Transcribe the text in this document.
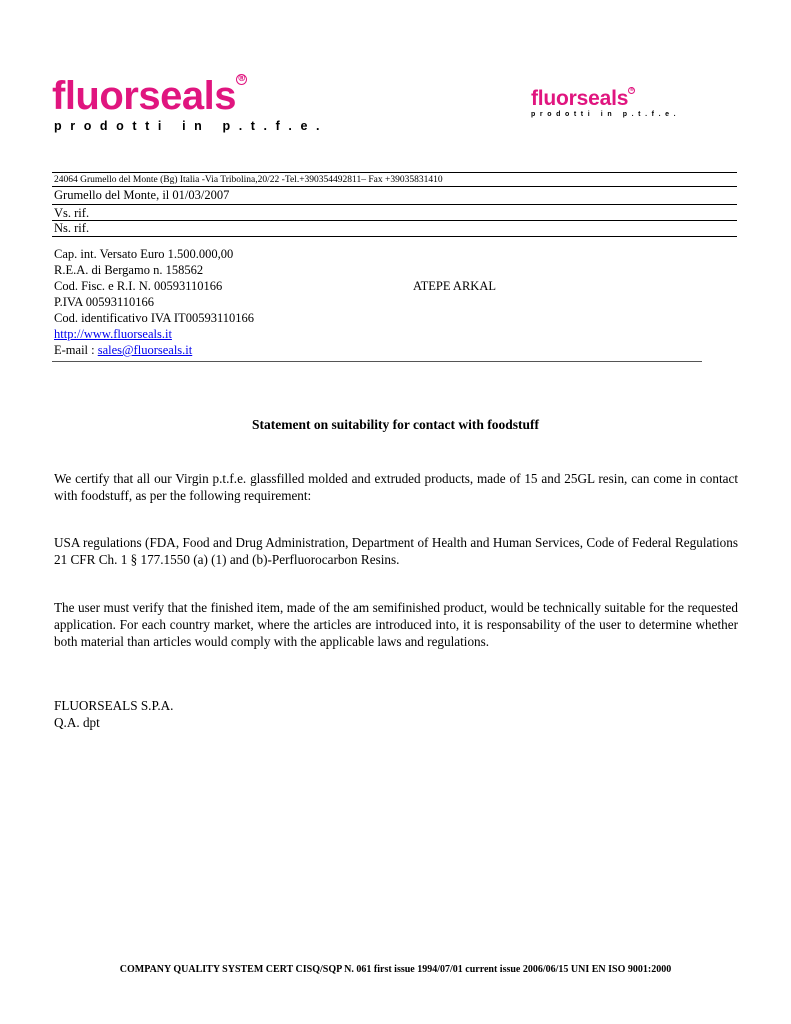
fluorseals®
prodotti in p.t.f.e.
fluorseals®
prodotti in p.t.f.e.
24064 Grumello del Monte (Bg) Italia -Via Tribolina,20/22 -Tel.+390354492811– Fax +39035831410
Grumello del Monte, il 01/03/2007
Vs. rif.
Ns. rif.
Cap. int. Versato Euro 1.500.000,00
R.E.A. di Bergamo n. 158562
Cod. Fisc. e R.I. N. 00593110166
P.IVA 00593110166
Cod. identificativo IVA IT00593110166
http://www.fluorseals.it
E-mail : sales@fluorseals.it
ATEPE ARKAL
Statement on suitability for contact with foodstuff
We certify that all our Virgin p.t.f.e. glassfilled molded and extruded products, made of 15 and 25GL resin, can come in contact with foodstuff, as per the following requirement:
USA regulations (FDA, Food and Drug Administration, Department of Health and Human Services, Code of Federal Regulations 21 CFR Ch. 1 § 177.1550 (a) (1) and (b)-Perfluorocarbon Resins.
The user must verify that the finished item, made of the am semifinished product, would be technically suitable for the requested application. For each country market, where the articles are introduced into, it is responsability of the user to determine whether both material than articles would comply with the applicable laws and regulations.
FLUORSEALS S.P.A.
Q.A. dpt
COMPANY QUALITY SYSTEM CERT CISQ/SQP N. 061 first issue 1994/07/01 current issue 2006/06/15 UNI EN ISO 9001:2000
